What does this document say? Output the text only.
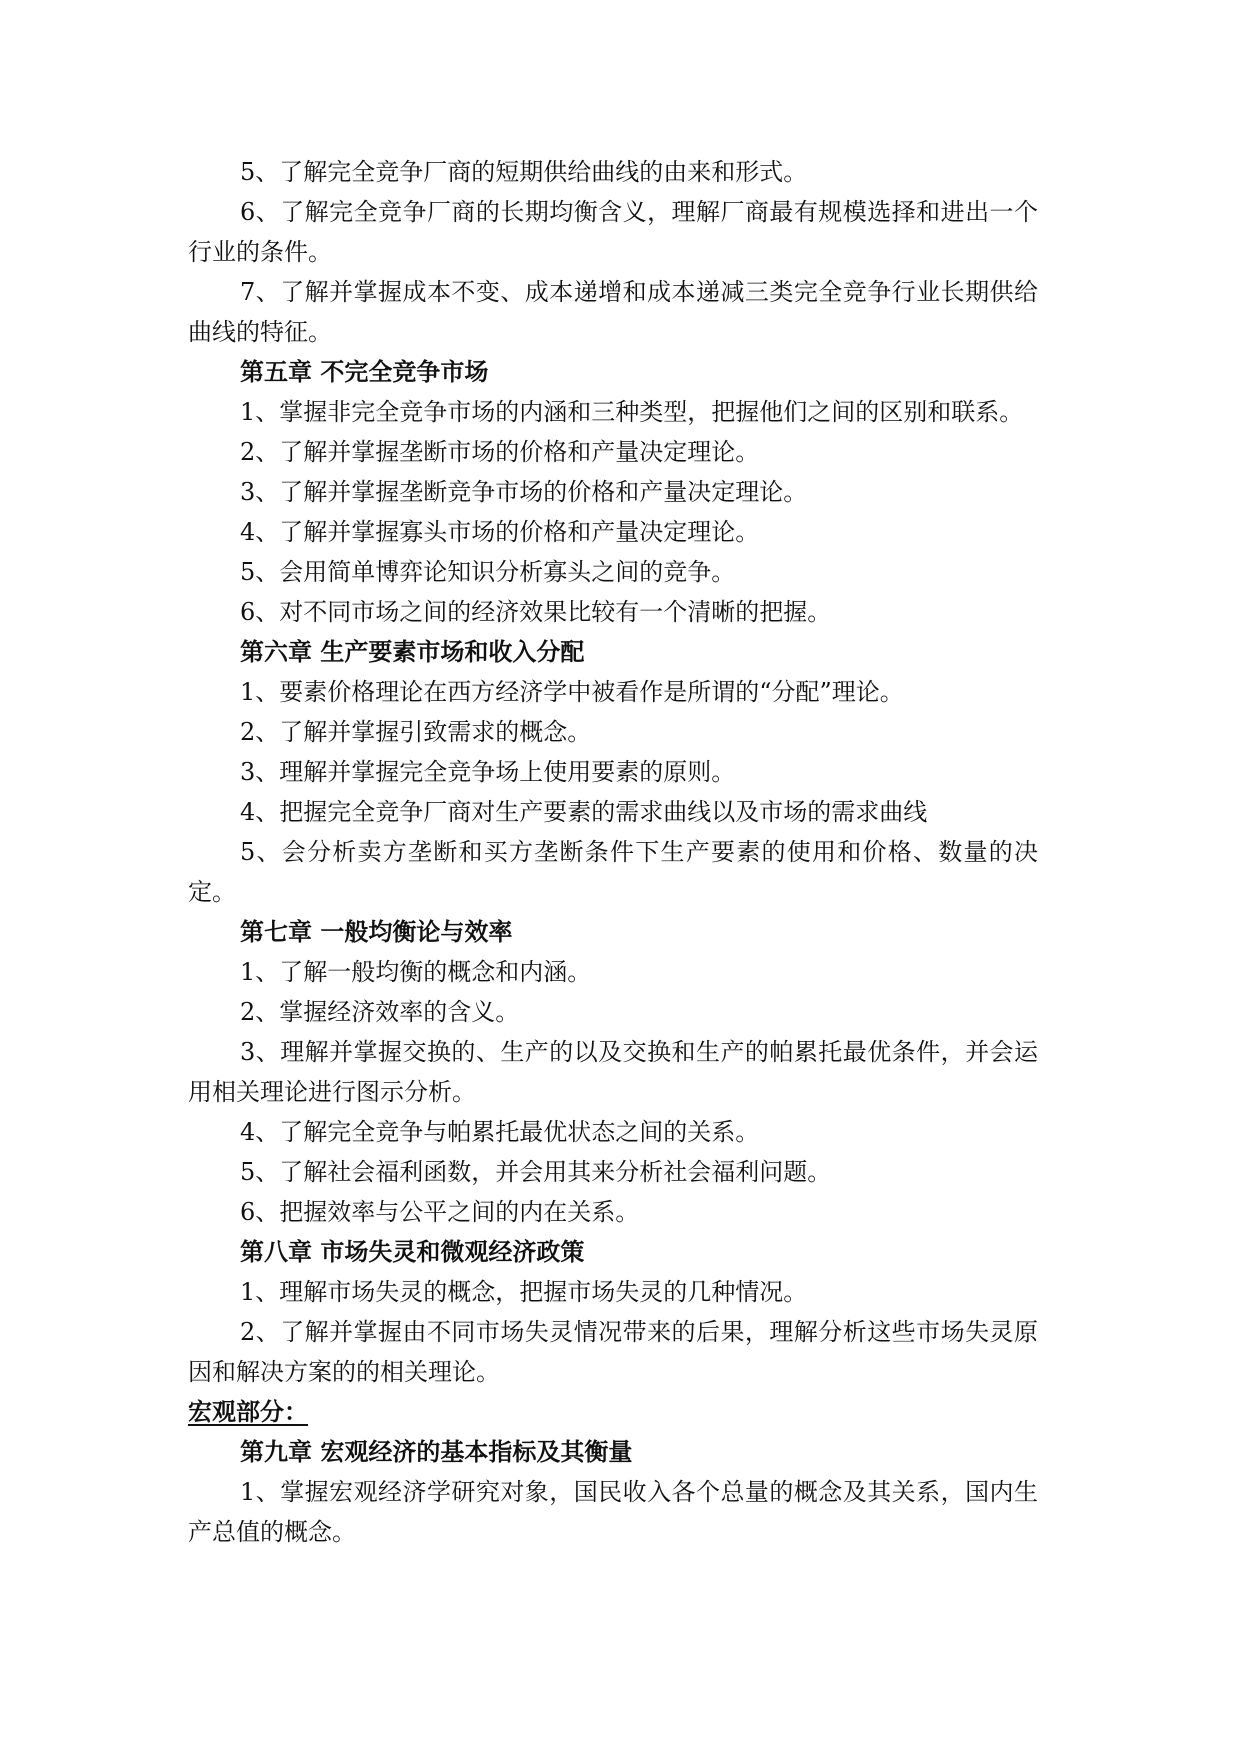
5、了解完全竞争厂商的短期供给曲线的由来和形式。
6、了解完全竞争厂商的长期均衡含义，理解厂商最有规模选择和进出一个行业的条件。
7、了解并掌握成本不变、成本递增和成本递减三类完全竞争行业长期供给曲线的特征。
第五章 不完全竞争市场
1、掌握非完全竞争市场的内涵和三种类型，把握他们之间的区别和联系。
2、了解并掌握垄断市场的价格和产量决定理论。
3、了解并掌握垄断竞争市场的价格和产量决定理论。
4、了解并掌握寡头市场的价格和产量决定理论。
5、会用简单博弈论知识分析寡头之间的竞争。
6、对不同市场之间的经济效果比较有一个清晰的把握。
第六章 生产要素市场和收入分配
1、要素价格理论在西方经济学中被看作是所谓的“分配”理论。
2、了解并掌握引致需求的概念。
3、理解并掌握完全竞争场上使用要素的原则。
4、把握完全竞争厂商对生产要素的需求曲线以及市场的需求曲线
5、会分析卖方垄断和买方垄断条件下生产要素的使用和价格、数量的决定。
第七章 一般均衡论与效率
1、了解一般均衡的概念和内涵。
2、掌握经济效率的含义。
3、理解并掌握交换的、生产的以及交换和生产的帕累托最优条件，并会运用相关理论进行图示分析。
4、了解完全竞争与帕累托最优状态之间的关系。
5、了解社会福利函数，并会用其来分析社会福利问题。
6、把握效率与公平之间的内在关系。
第八章 市场失灵和微观经济政策
1、理解市场失灵的概念，把握市场失灵的几种情况。
2、了解并掌握由不同市场失灵情况带来的后果，理解分析这些市场失灵原因和解决方案的的相关理论。
宏观部分：
第九章 宏观经济的基本指标及其衡量
1、掌握宏观经济学研究对象，国民收入各个总量的概念及其关系，国内生产总值的概念。
